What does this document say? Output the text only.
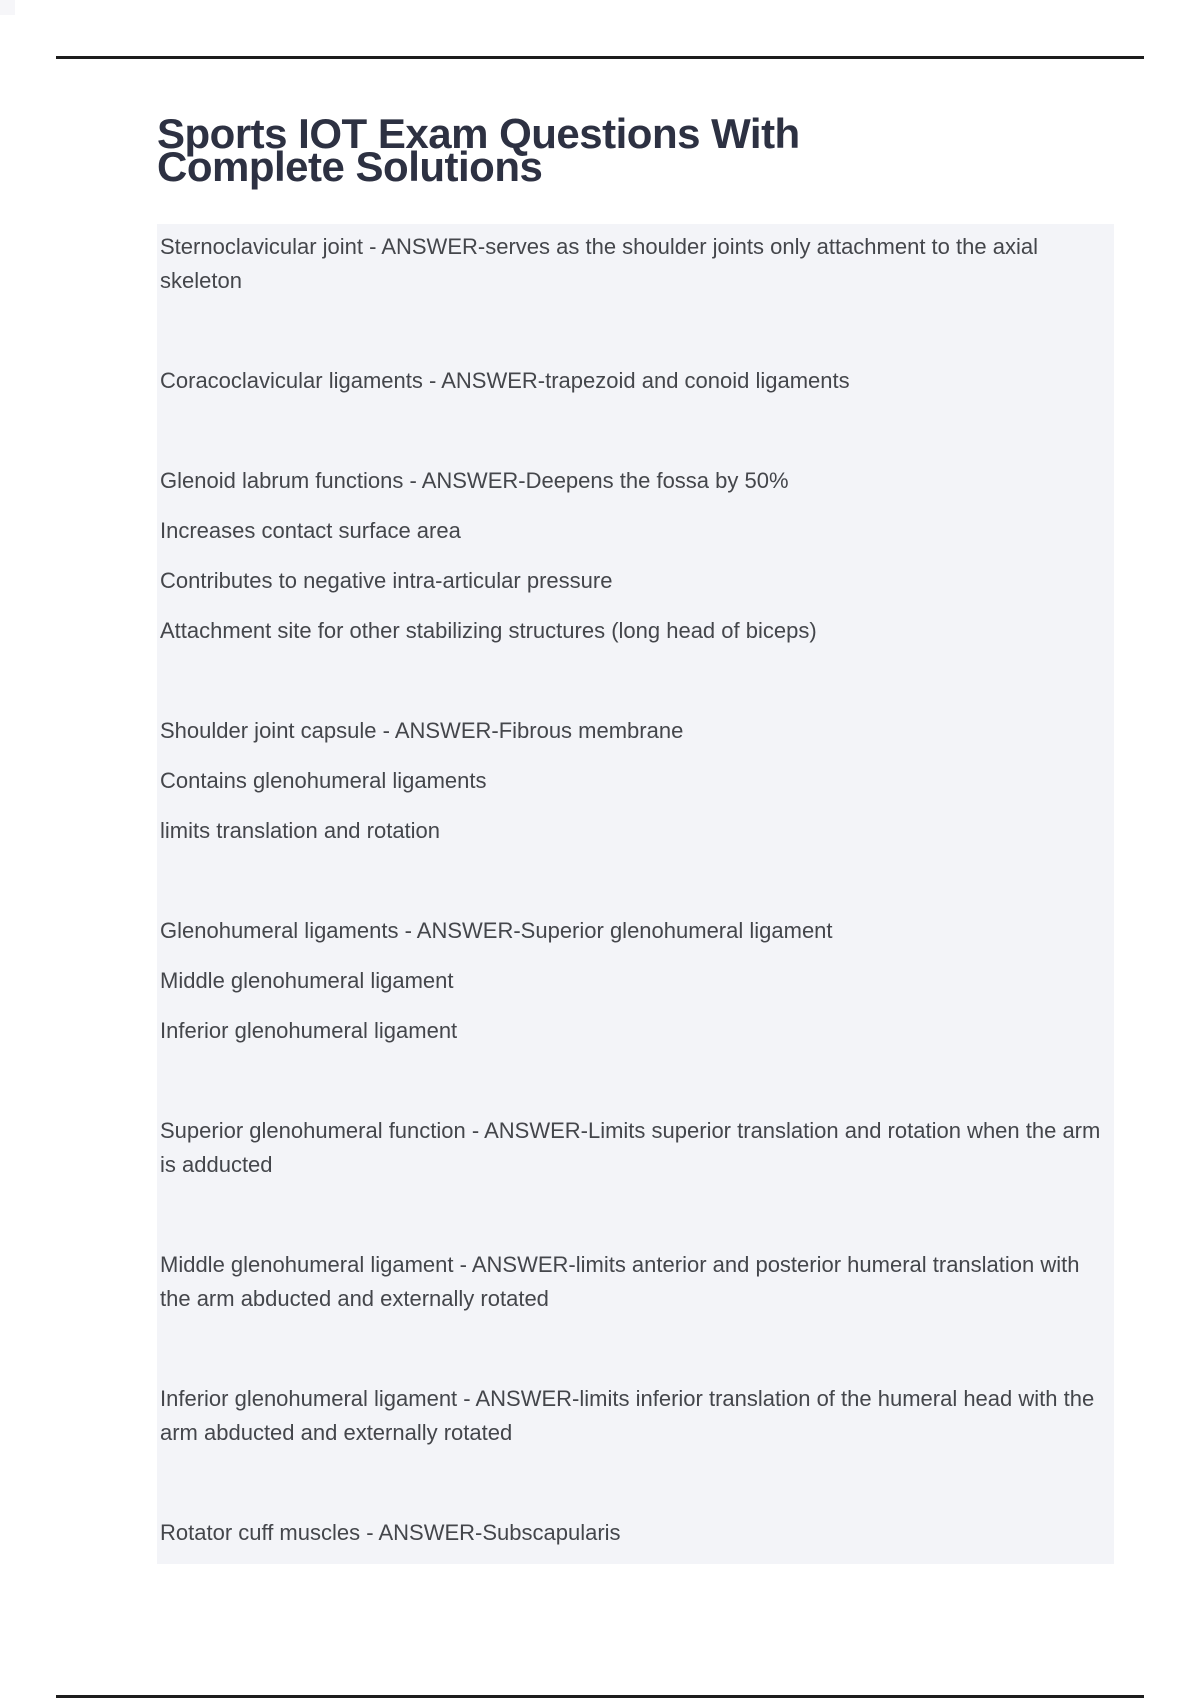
Sports IOT Exam Questions With Complete Solutions

Sternoclavicular joint - ANSWER-serves as the shoulder joints only attachment to the axial skeleton

Coracoclavicular ligaments - ANSWER-trapezoid and conoid ligaments

Glenoid labrum functions - ANSWER-Deepens the fossa by 50%

Increases contact surface area

Contributes to negative intra-articular pressure

Attachment site for other stabilizing structures (long head of biceps)

Shoulder joint capsule - ANSWER-Fibrous membrane

Contains glenohumeral ligaments

limits translation and rotation

Glenohumeral ligaments - ANSWER-Superior glenohumeral ligament

Middle glenohumeral ligament

Inferior glenohumeral ligament

Superior glenohumeral function - ANSWER-Limits superior translation and rotation when the arm is adducted

Middle glenohumeral ligament - ANSWER-limits anterior and posterior humeral translation with the arm abducted and externally rotated

Inferior glenohumeral ligament - ANSWER-limits inferior translation of the humeral head with the arm abducted and externally rotated

Rotator cuff muscles - ANSWER-Subscapularis
